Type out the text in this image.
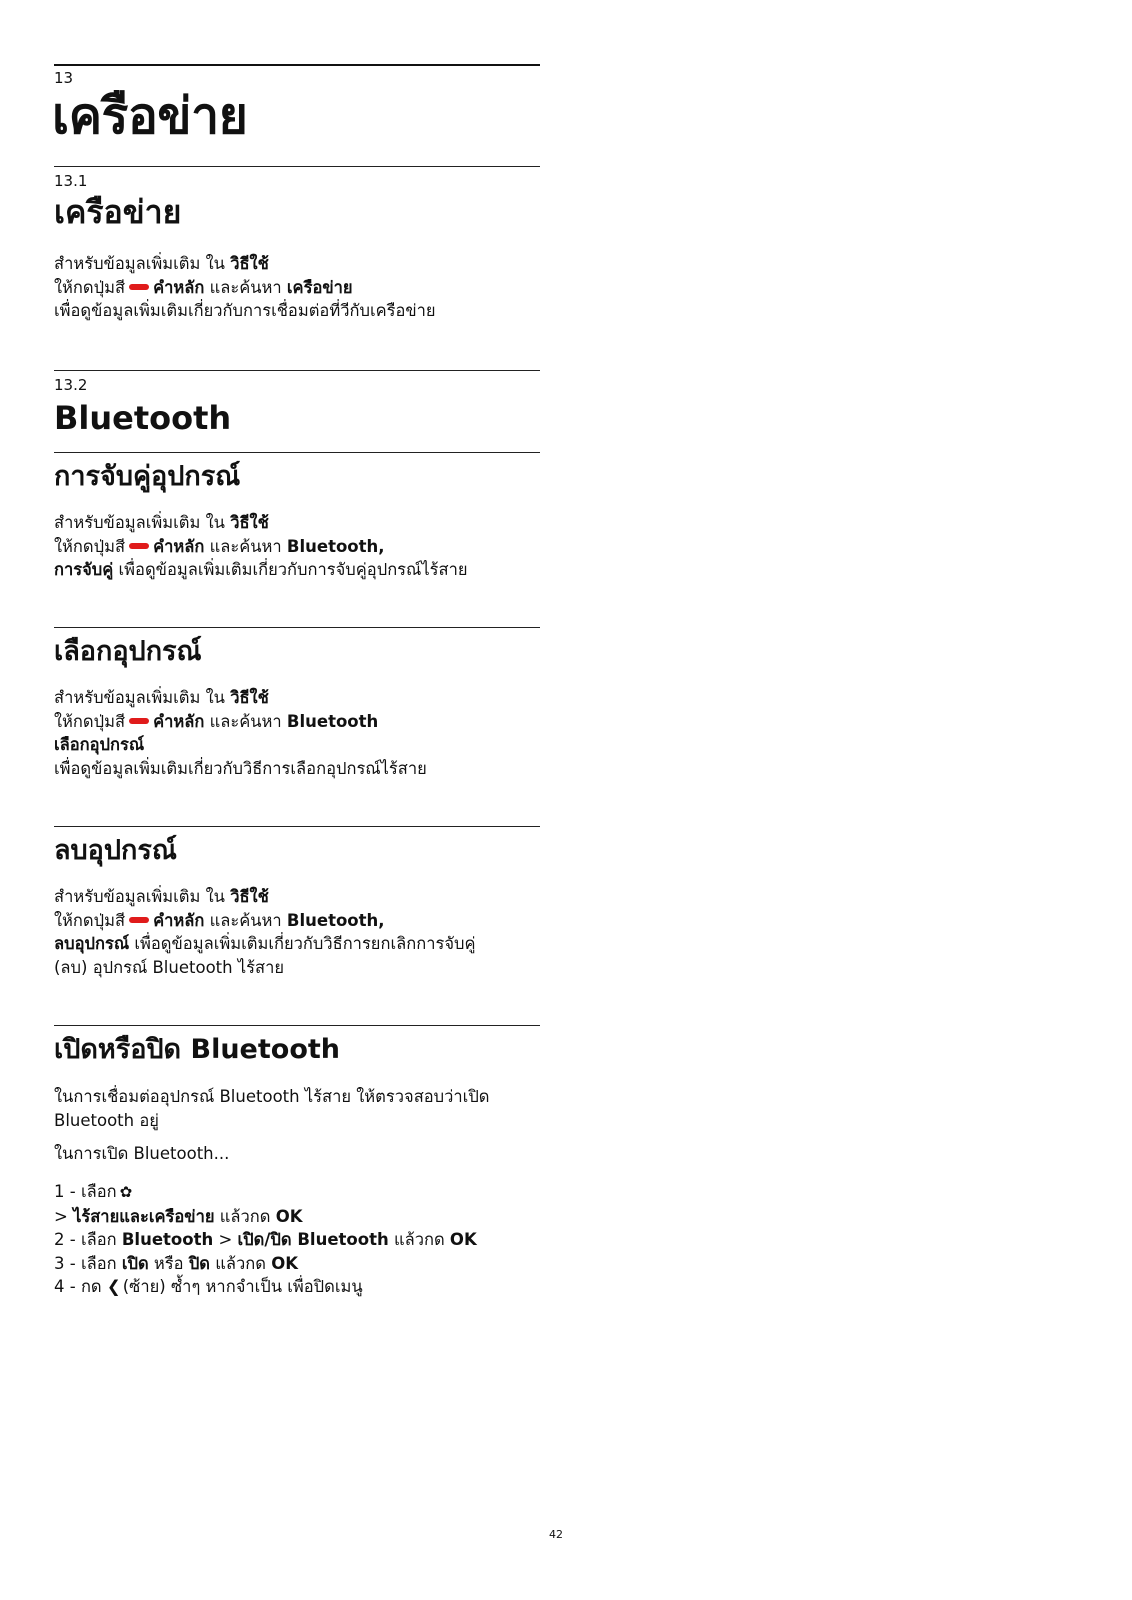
13
เครือข่าย
13.1
เครือข่าย
สำหรับข้อมูลเพิ่มเติม ใน วิธีใช้
ให้กดปุ่มสี คำหลัก และค้นหา เครือข่าย
เพื่อดูข้อมูลเพิ่มเติมเกี่ยวกับการเชื่อมต่อที่วีกับเครือข่าย
13.2
Bluetooth
การจับคู่อุปกรณ์
สำหรับข้อมูลเพิ่มเติม ใน วิธีใช้
ให้กดปุ่มสี คำหลัก และค้นหา Bluetooth,
การจับคู่ เพื่อดูข้อมูลเพิ่มเติมเกี่ยวกับการจับคู่อุปกรณ์ไร้สาย
เลือกอุปกรณ์
สำหรับข้อมูลเพิ่มเติม ใน วิธีใช้
ให้กดปุ่มสี คำหลัก และค้นหา Bluetooth
เลือกอุปกรณ์
เพื่อดูข้อมูลเพิ่มเติมเกี่ยวกับวิธีการเลือกอุปกรณ์ไร้สาย
ลบอุปกรณ์
สำหรับข้อมูลเพิ่มเติม ใน วิธีใช้
ให้กดปุ่มสี คำหลัก และค้นหา Bluetooth,
ลบอุปกรณ์ เพื่อดูข้อมูลเพิ่มเติมเกี่ยวกับวิธีการยกเลิกการจับคู่
(ลบ) อุปกรณ์ Bluetooth ไร้สาย
เปิดหรือปิด Bluetooth
ในการเชื่อมต่ออุปกรณ์ Bluetooth ไร้สาย ให้ตรวจสอบว่าเปิด
Bluetooth อยู่
ในการเปิด Bluetooth...
1 - เลือก ✿
> ไร้สายและเครือข่าย แล้วกด OK
2 - เลือก Bluetooth > เปิด/ปิด Bluetooth แล้วกด OK
3 - เลือก เปิด หรือ ปิด แล้วกด OK
4 - กด ❮ (ซ้าย) ซ้ำๆ หากจำเป็น เพื่อปิดเมนู
42
